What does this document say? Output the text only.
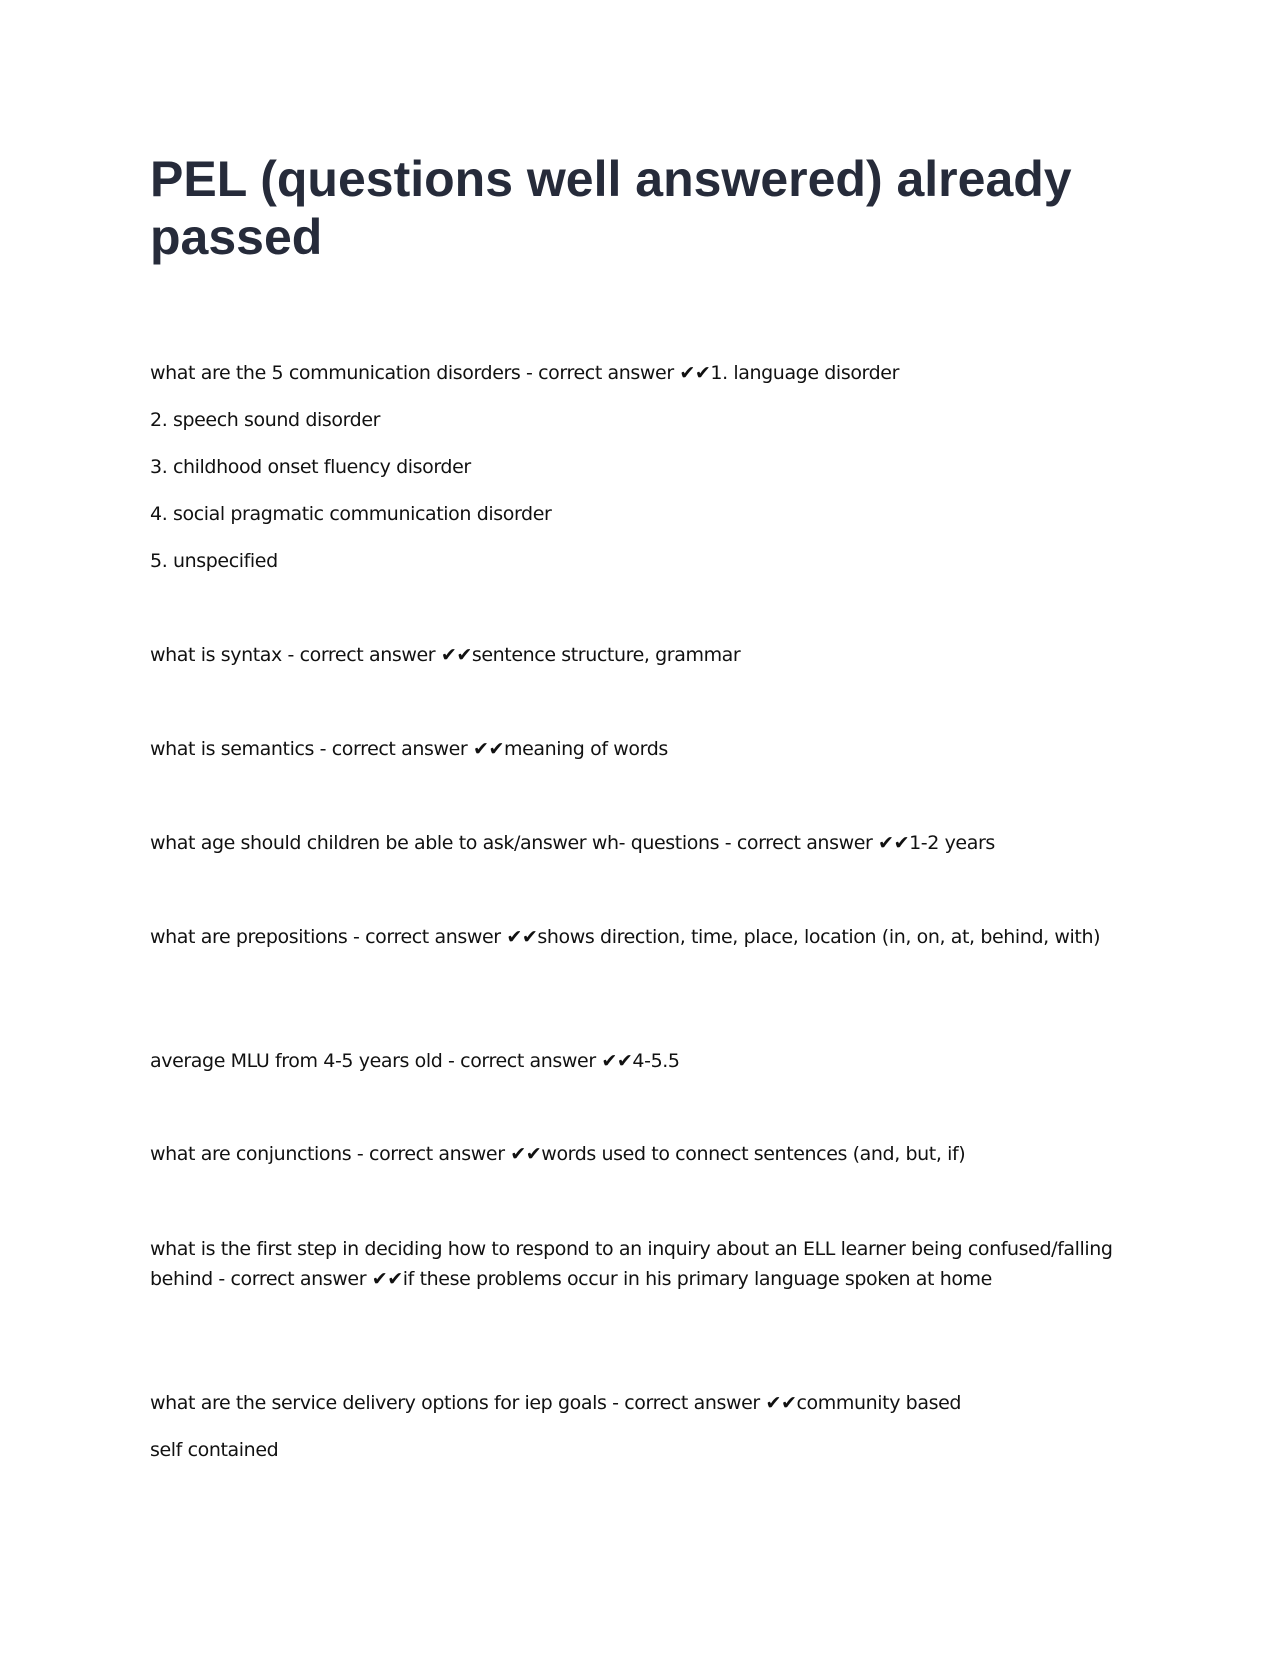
PEL (questions well answered) already passed

what are the 5 communication disorders - correct answer ✔✔1. language disorder

2. speech sound disorder

3. childhood onset fluency disorder

4. social pragmatic communication disorder

5. unspecified

what is syntax - correct answer ✔✔sentence structure, grammar

what is semantics - correct answer ✔✔meaning of words

what age should children be able to ask/answer wh- questions - correct answer ✔✔1-2 years

what are prepositions - correct answer ✔✔shows direction, time, place, location (in, on, at, behind, with)

average MLU from 4-5 years old - correct answer ✔✔4-5.5

what are conjunctions - correct answer ✔✔words used to connect sentences (and, but, if)

what is the first step in deciding how to respond to an inquiry about an ELL learner being confused/falling behind - correct answer ✔✔if these problems occur in his primary language spoken at home

what are the service delivery options for iep goals - correct answer ✔✔community based

self contained
